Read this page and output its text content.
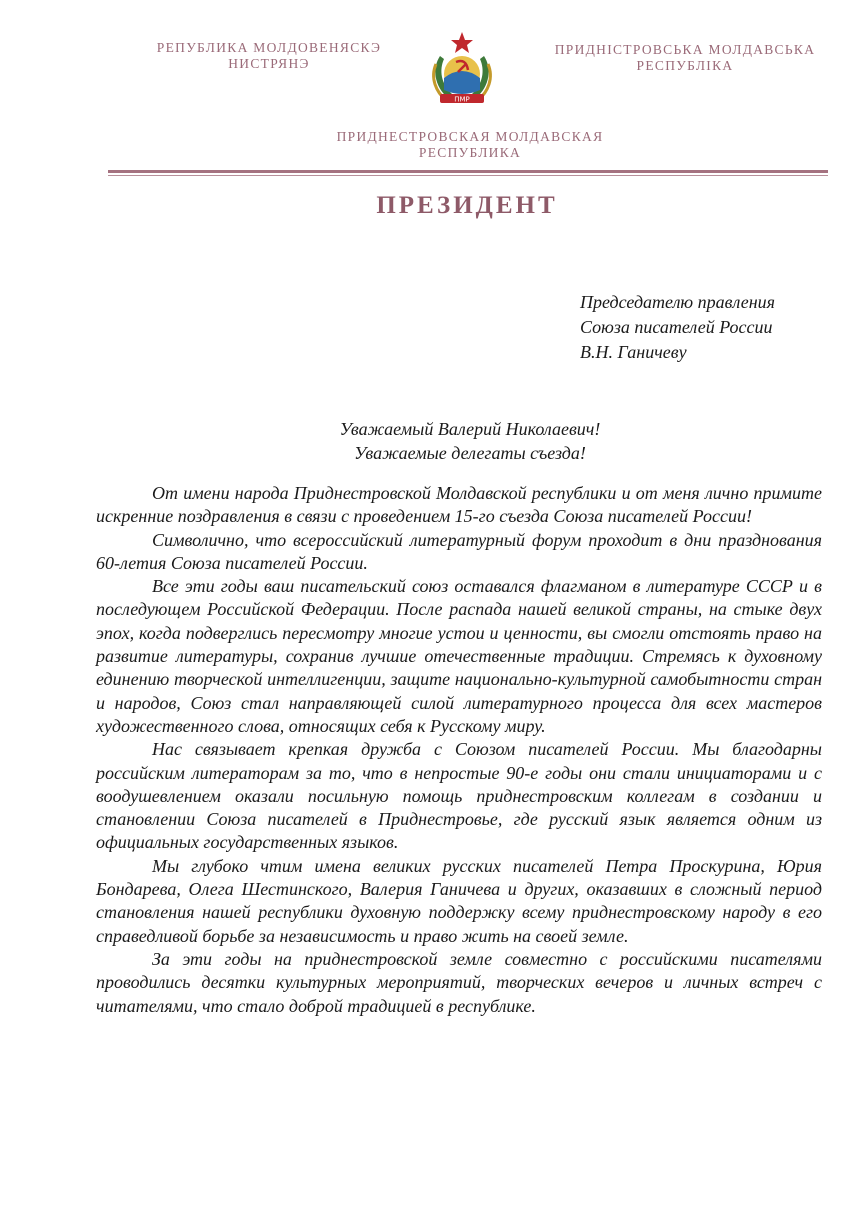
РЕПУБЛИКА МОЛДОВЕНЯСКЭ
НИСТРЯНЭ
ПМР
ПРИДНІСТРОВСЬКА МОЛДАВСЬКА
РЕСПУБЛІКА
ПРИДНЕСТРОВСКАЯ МОЛДАВСКАЯ
РЕСПУБЛИКА
ПРЕЗИДЕНТ
Председателю правления
Союза писателей России
В.Н. Ганичеву
Уважаемый Валерий Николаевич!
Уважаемые делегаты съезда!

От имени народа Приднестровской Молдавской республики и от меня лично примите искренние поздравления в связи с проведением 15-го съезда Союза писателей России!

Символично, что всероссийский литературный форум проходит в дни празднования 60-летия Союза писателей России.

Все эти годы ваш писательский союз оставался флагманом в литературе СССР и в последующем Российской Федерации. После распада нашей великой страны, на стыке двух эпох, когда подверглись пересмотру многие устои и ценности, вы смогли отстоять право на развитие литературы, сохранив лучшие отечественные традиции. Стремясь к духовному единению творческой интеллигенции, защите национально-культурной самобытности стран и народов, Союз стал направляющей силой литературного процесса для всех мастеров художественного слова, относящих себя к Русскому миру.

Нас связывает крепкая дружба с Союзом писателей России. Мы благодарны российским литераторам за то, что в непростые 90-е годы они стали инициаторами и с воодушевлением оказали посильную помощь приднестровским коллегам в создании и становлении Союза писателей в Приднестровье, где русский язык является одним из официальных государственных языков.

Мы глубоко чтим имена великих русских писателей Петра Проскурина, Юрия Бондарева, Олега Шестинского, Валерия Ганичева и других, оказавших в сложный период становления нашей республики духовную поддержку всему приднестровскому народу в его справедливой борьбе за независимость и право жить на своей земле.

За эти годы на приднестровской земле совместно с российскими писателями проводились десятки культурных мероприятий, творческих вечеров и личных встреч с читателями, что стало доброй традицией в республике.
